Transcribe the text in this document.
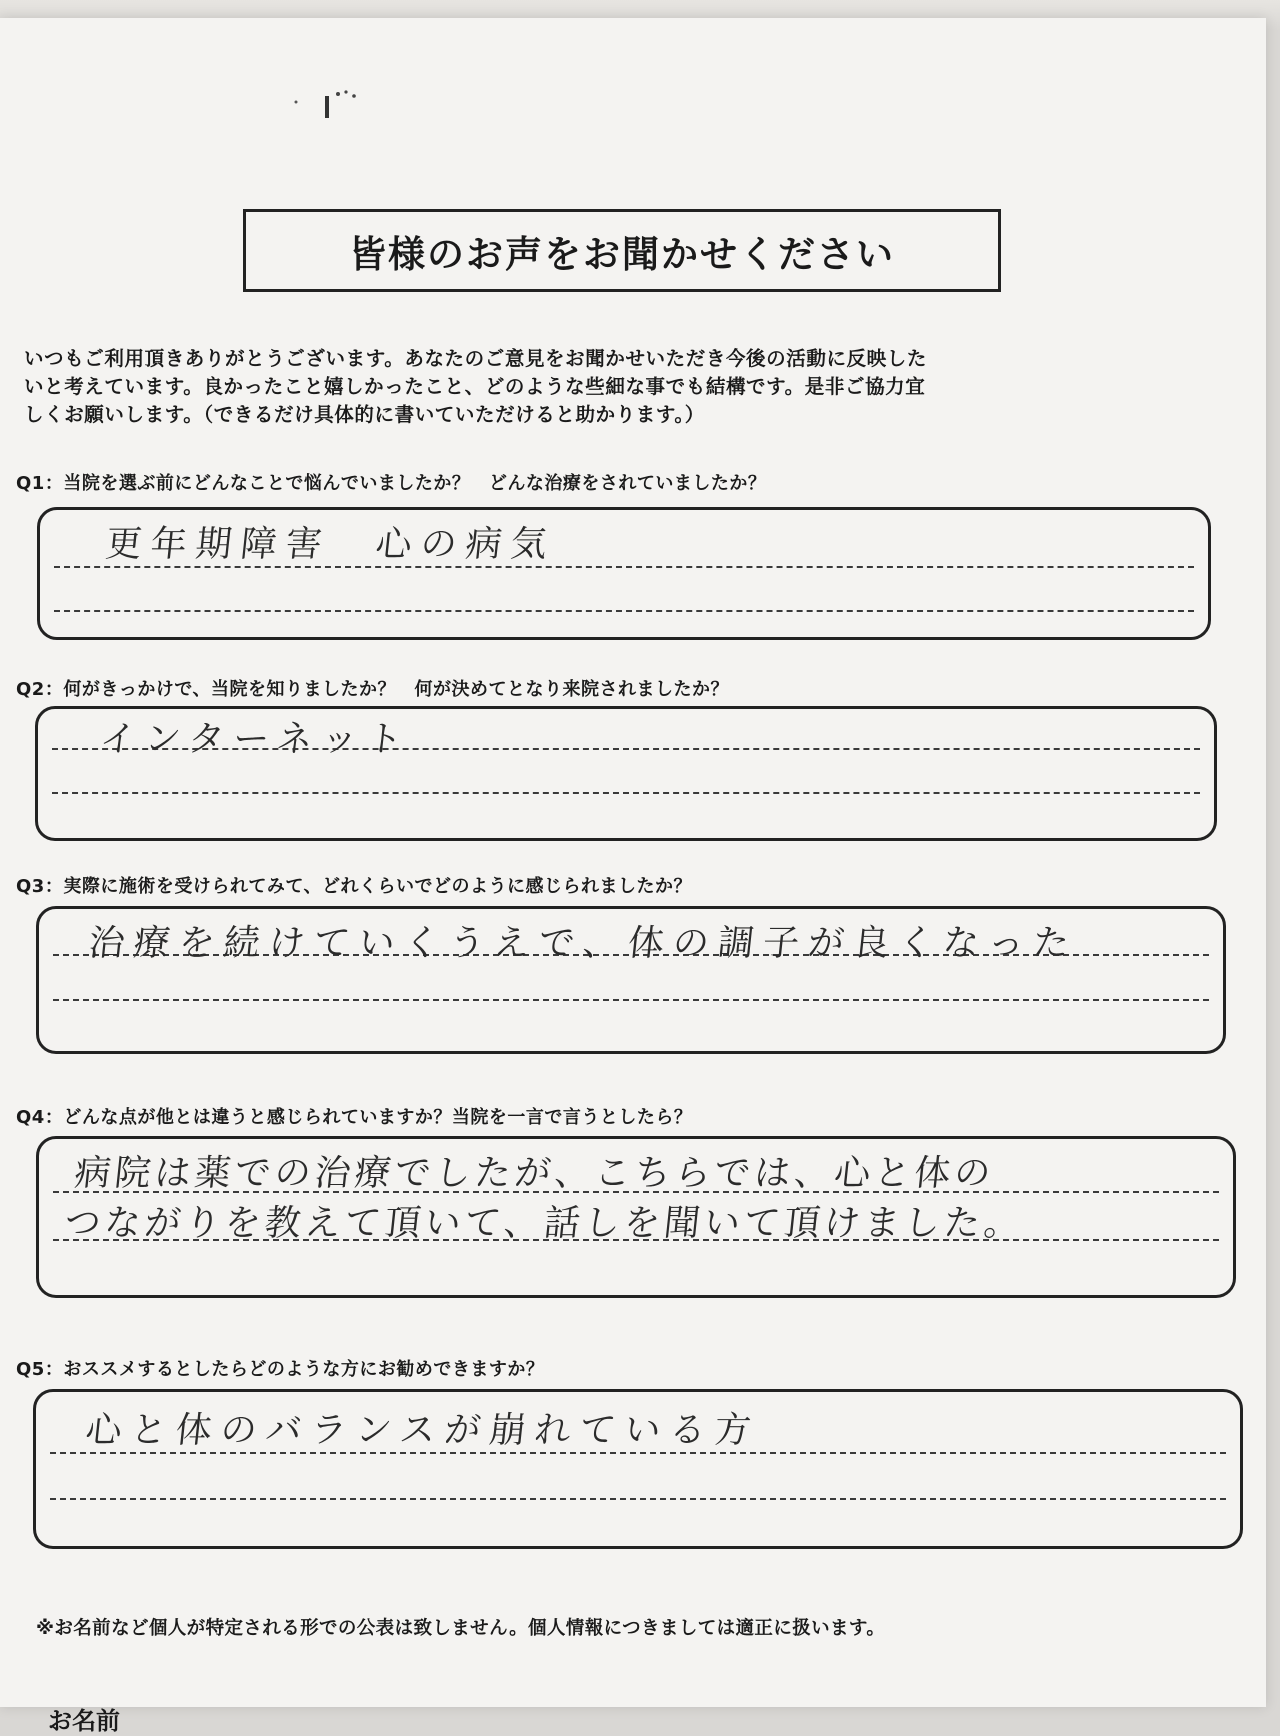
皆様のお声をお聞かせください
いつもご利用頂きありがとうございます。あなたのご意見をお聞かせいただき今後の活動に反映した
いと考えています。良かったこと嬉しかったこと、どのような些細な事でも結構です。是非ご協力宜
しくお願いします。（できるだけ具体的に書いていただけると助かります。）
Q1：当院を選ぶ前にどんなことで悩んでいましたか？　どんな治療をされていましたか？
更年期障害　心の病気
Q2：何がきっかけで、当院を知りましたか？　何が決めてとなり来院されましたか？
インターネット
Q3：実際に施術を受けられてみて、どれくらいでどのように感じられましたか？
治療を続けていくうえで、体の調子が良くなった
Q4：どんな点が他とは違うと感じられていますか？当院を一言で言うとしたら？
病院は薬での治療でしたが、こちらでは、心と体の
つながりを教えて頂いて、話しを聞いて頂けました。
Q5：おススメするとしたらどのような方にお勧めできますか？
心と体のバランスが崩れている方
※お名前など個人が特定される形での公表は致しません。個人情報につきましては適正に扱います。
お名前
